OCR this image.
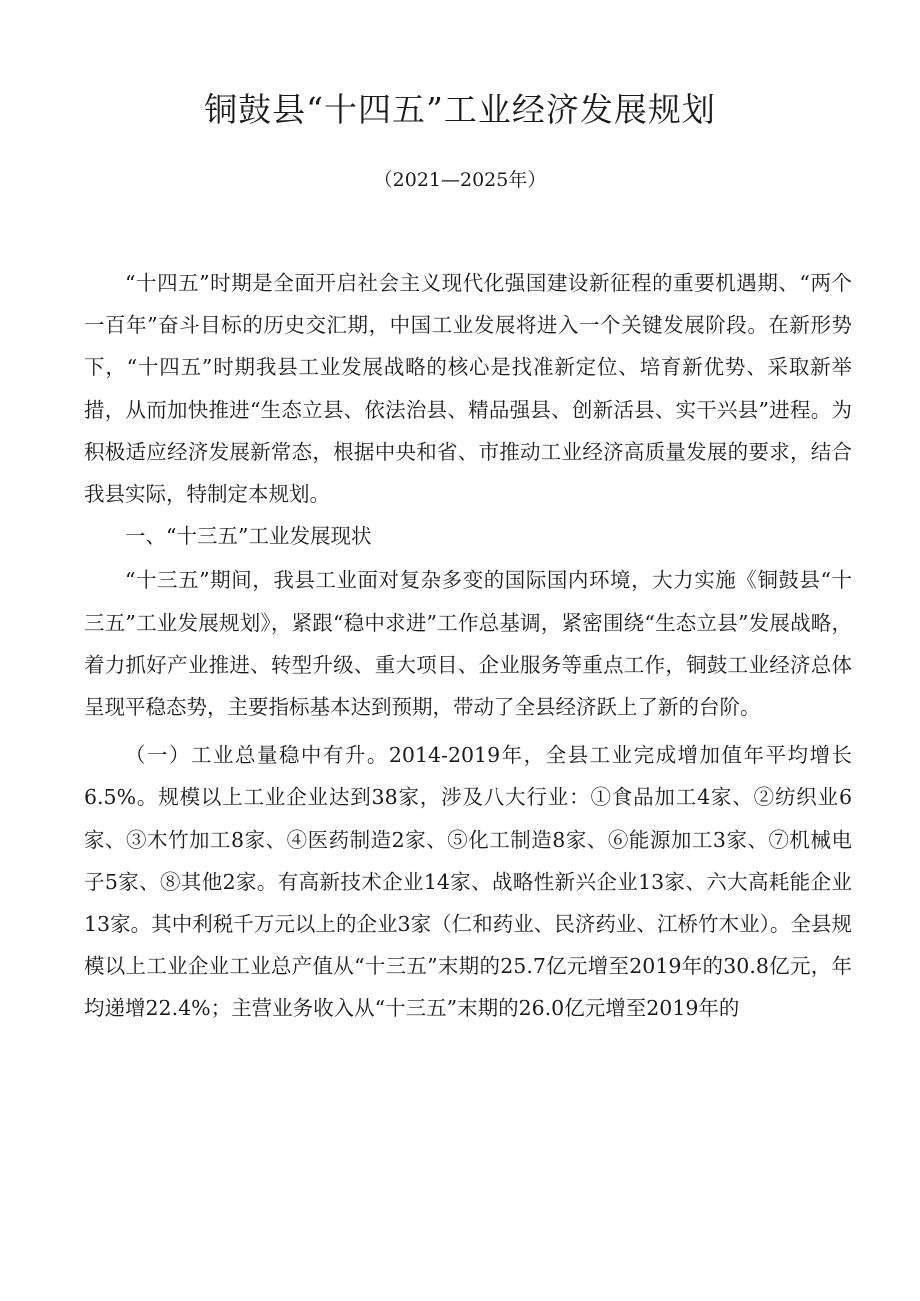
铜鼓县“十四五”工业经济发展规划
（2021—2025年）

“十四五”时期是全面开启社会主义现代化强国建设新征程的重要机遇期、“两个一百年”奋斗目标的历史交汇期，中国工业发展将进入一个关键发展阶段。在新形势下，“十四五”时期我县工业发展战略的核心是找准新定位、培育新优势、采取新举措，从而加快推进“生态立县、依法治县、精品强县、创新活县、实干兴县”进程。为积极适应经济发展新常态，根据中央和省、市推动工业经济高质量发展的要求，结合我县实际，特制定本规划。

一、“十三五”工业发展现状

“十三五”期间，我县工业面对复杂多变的国际国内环境，大力实施《铜鼓县“十三五”工业发展规划》，紧跟“稳中求进”工作总基调，紧密围绕“生态立县”发展战略，着力抓好产业推进、转型升级、重大项目、企业服务等重点工作，铜鼓工业经济总体呈现平稳态势，主要指标基本达到预期，带动了全县经济跃上了新的台阶。

（一）工业总量稳中有升。2014-2019年，全县工业完成增加值年平均增长6.5%。规模以上工业企业达到38家，涉及八大行业：①食品加工4家、②纺织业6家、③木竹加工8家、④医药制造2家、⑤化工制造8家、⑥能源加工3家、⑦机械电子5家、⑧其他2家。有高新技术企业14家、战略性新兴企业13家、六大高耗能企业13家。其中利税千万元以上的企业3家（仁和药业、民济药业、江桥竹木业）。全县规模以上工业企业工业总产值从“十三五”末期的25.7亿元增至2019年的30.8亿元，年均递增22.4%；主营业务收入从“十三五”末期的26.0亿元增至2019年的
